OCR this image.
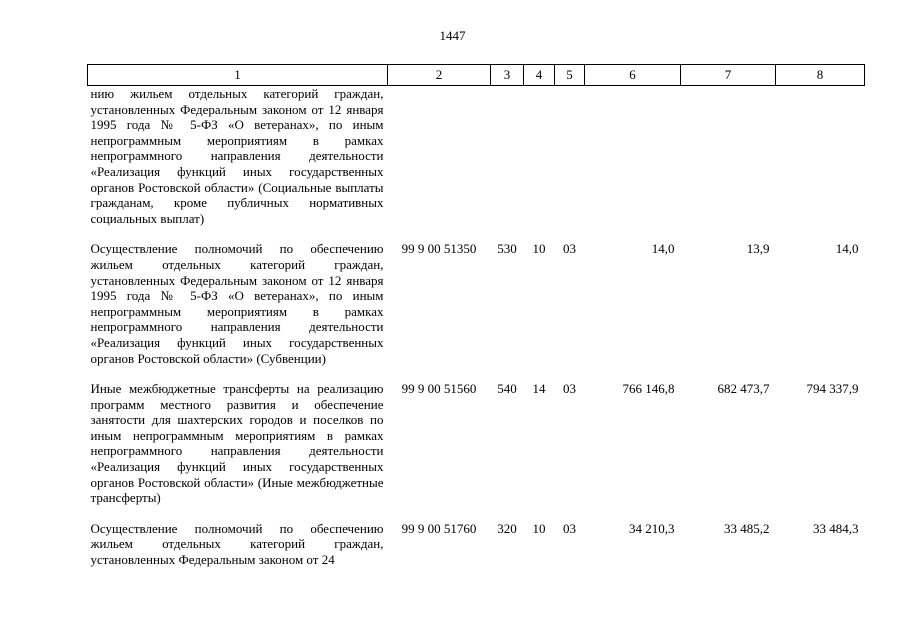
1447
1	2	3	4	5	6	7	8
нию жильем отдельных категорий граждан, установленных Федеральным законом от 12 января 1995 года № 5-ФЗ «О ветеранах», по иным непрограммным мероприятиям в рамках непрограммного направления деятельности «Реализация функций иных государственных органов Ростовской области» (Социальные выплаты гражданам, кроме публичных нормативных социальных выплат)							
Осуществление полномочий по обеспечению жильем отдельных категорий граждан, установленных Федеральным законом от 12 января 1995 года № 5-ФЗ «О ветеранах», по иным непрограммным мероприятиям в рамках непрограммного направления деятельности «Реализация функций иных государственных органов Ростовской области» (Субвенции)	99 9 00 51350	530	10	03	14,0	13,9	14,0
Иные межбюджетные трансферты на реализацию программ местного развития и обеспечение занятости для шахтерских городов и поселков по иным непрограммным мероприятиям в рамках непрограммного направления деятельности «Реализация функций иных государственных органов Ростовской области» (Иные межбюджетные трансферты)	99 9 00 51560	540	14	03	766 146,8	682 473,7	794 337,9
Осуществление полномочий по обеспечению жильем отдельных категорий граждан, установленных Федеральным законом от 24	99 9 00 51760	320	10	03	34 210,3	33 485,2	33 484,3
